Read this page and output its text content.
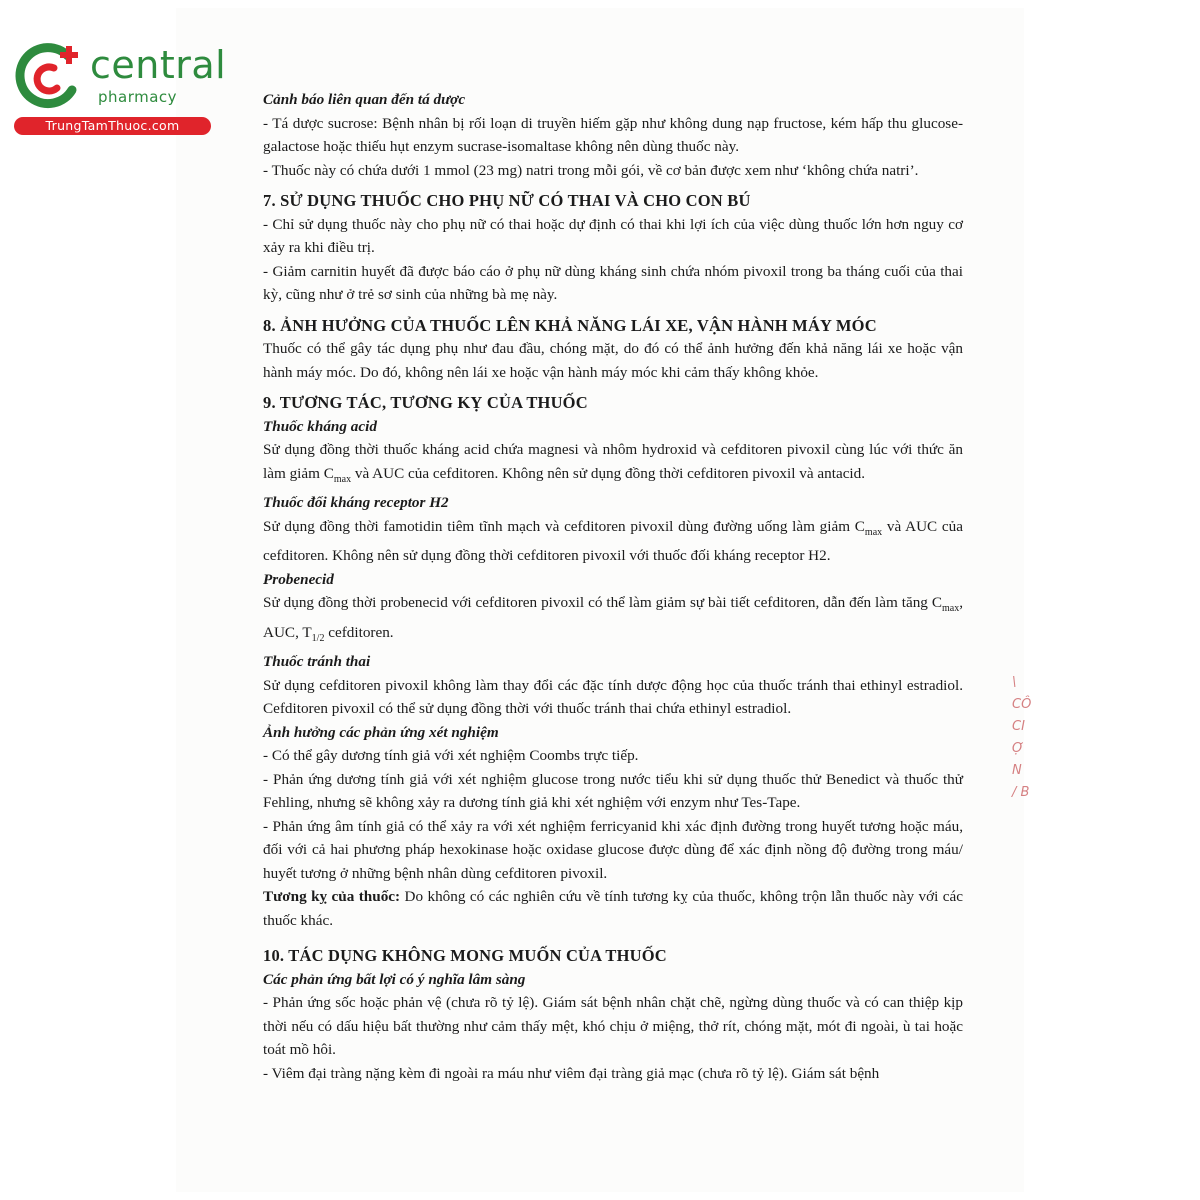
central
pharmacy
TrungTamThuoc.com

Cảnh báo liên quan đến tá dược

- Tá dược sucrose: Bệnh nhân bị rối loạn di truyền hiếm gặp như không dung nạp fructose, kém hấp thu glucose- galactose hoặc thiếu hụt enzym sucrase-isomaltase không nên dùng thuốc này.

- Thuốc này có chứa dưới 1 mmol (23 mg) natri trong mỗi gói, về cơ bản được xem như ‘không chứa natri’.

7. SỬ DỤNG THUỐC CHO PHỤ NỮ CÓ THAI VÀ CHO CON BÚ

- Chỉ sử dụng thuốc này cho phụ nữ có thai hoặc dự định có thai khi lợi ích của việc dùng thuốc lớn hơn nguy cơ xảy ra khi điều trị.

- Giảm carnitin huyết đã được báo cáo ở phụ nữ dùng kháng sinh chứa nhóm pivoxil trong ba tháng cuối của thai kỳ, cũng như ở trẻ sơ sinh của những bà mẹ này.

8. ẢNH HƯỞNG CỦA THUỐC LÊN KHẢ NĂNG LÁI XE, VẬN HÀNH MÁY MÓC

Thuốc có thể gây tác dụng phụ như đau đầu, chóng mặt, do đó có thể ảnh hưởng đến khả năng lái xe hoặc vận hành máy móc. Do đó, không nên lái xe hoặc vận hành máy móc khi cảm thấy không khỏe.

9. TƯƠNG TÁC, TƯƠNG KỴ CỦA THUỐC

Thuốc kháng acid

Sử dụng đồng thời thuốc kháng acid chứa magnesi và nhôm hydroxid và cefditoren pivoxil cùng lúc với thức ăn làm giảm $C_{max}$ và AUC của cefditoren. Không nên sử dụng đồng thời cefditoren pivoxil và antacid.

Thuốc đối kháng receptor H2

Sử dụng đồng thời famotidin tiêm tĩnh mạch và cefditoren pivoxil dùng đường uống làm giảm $C_{max}$ và AUC của cefditoren. Không nên sử dụng đồng thời cefditoren pivoxil với thuốc đối kháng receptor H2.

Probenecid

Sử dụng đồng thời probenecid với cefditoren pivoxil có thể làm giảm sự bài tiết cefditoren, dẫn đến làm tăng $C_{max}$, AUC, $T_{1/2}$ cefditoren.

Thuốc tránh thai

Sử dụng cefditoren pivoxil không làm thay đổi các đặc tính dược động học của thuốc tránh thai ethinyl estradiol. Cefditoren pivoxil có thể sử dụng đồng thời với thuốc tránh thai chứa ethinyl estradiol.

Ảnh hưởng các phản ứng xét nghiệm

- Có thể gây dương tính giả với xét nghiệm Coombs trực tiếp.

- Phản ứng dương tính giả với xét nghiệm glucose trong nước tiểu khi sử dụng thuốc thử Benedict và thuốc thử Fehling, nhưng sẽ không xảy ra dương tính giả khi xét nghiệm với enzym như Tes-Tape.

- Phản ứng âm tính giả có thể xảy ra với xét nghiệm ferricyanid khi xác định đường trong huyết tương hoặc máu, đối với cả hai phương pháp hexokinase hoặc oxidase glucose được dùng để xác định nồng độ đường trong máu/ huyết tương ở những bệnh nhân dùng cefditoren pivoxil.

Tương kỵ của thuốc: Do không có các nghiên cứu về tính tương kỵ của thuốc, không trộn lẫn thuốc này với các thuốc khác.

10. TÁC DỤNG KHÔNG MONG MUỐN CỦA THUỐC

Các phản ứng bất lợi có ý nghĩa lâm sàng

- Phản ứng sốc hoặc phản vệ (chưa rõ tỷ lệ). Giám sát bệnh nhân chặt chẽ, ngừng dùng thuốc và có can thiệp kịp thời nếu có dấu hiệu bất thường như cảm thấy mệt, khó chịu ở miệng, thở rít, chóng mặt, mót đi ngoài, ù tai hoặc toát mồ hôi.

- Viêm đại tràng nặng kèm đi ngoài ra máu như viêm đại tràng giả mạc (chưa rõ tỷ lệ). Giám sát bệnh

\
CÔ
CI
Ợ
N
/ B
